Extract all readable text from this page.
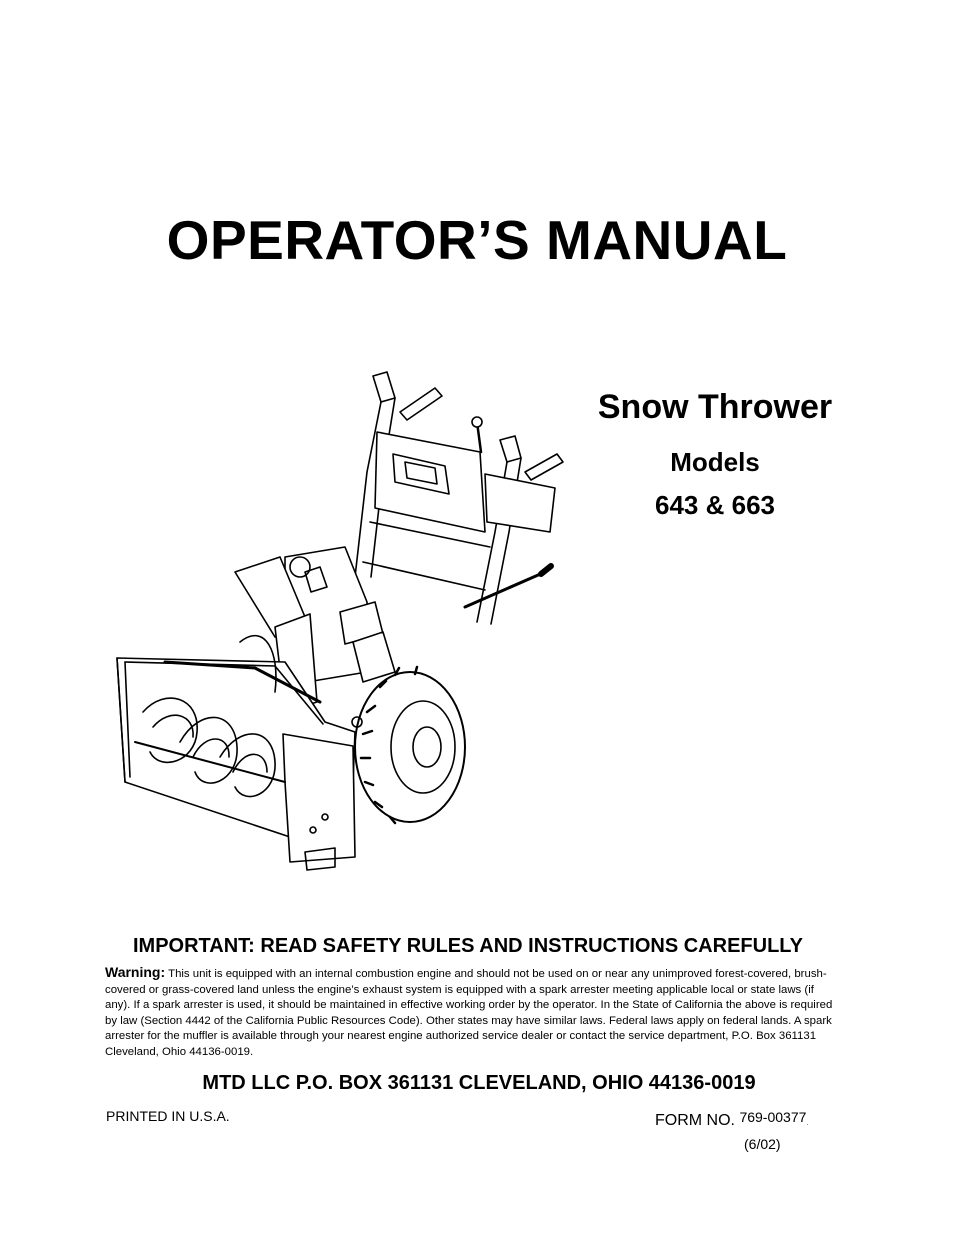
OPERATOR’S MANUAL
Snow Thrower
Models
643 & 663
IMPORTANT: READ SAFETY RULES AND INSTRUCTIONS CAREFULLY
Warning: This unit is equipped with an internal combustion engine and should not be used on or near any unimproved forest-covered, brush-covered or grass-covered land unless the engine’s exhaust system is equipped with a spark arrester meeting applicable local or state laws (if any). If a spark arrester is used, it should be maintained in effective working order by the operator. In the State of California the above is required by law (Section 4442 of the California Public Resources Code). Other states may have similar laws. Federal laws apply on federal lands. A spark arrester for the muffler is available through your nearest engine authorized service dealer or contact the service department, P.O. Box 361131 Cleveland, Ohio 44136-0019.
MTD LLC P.O. BOX 361131 CLEVELAND, OHIO 44136-0019
PRINTED IN U.S.A.	FORM NO. 769-00377.
(6/02)
